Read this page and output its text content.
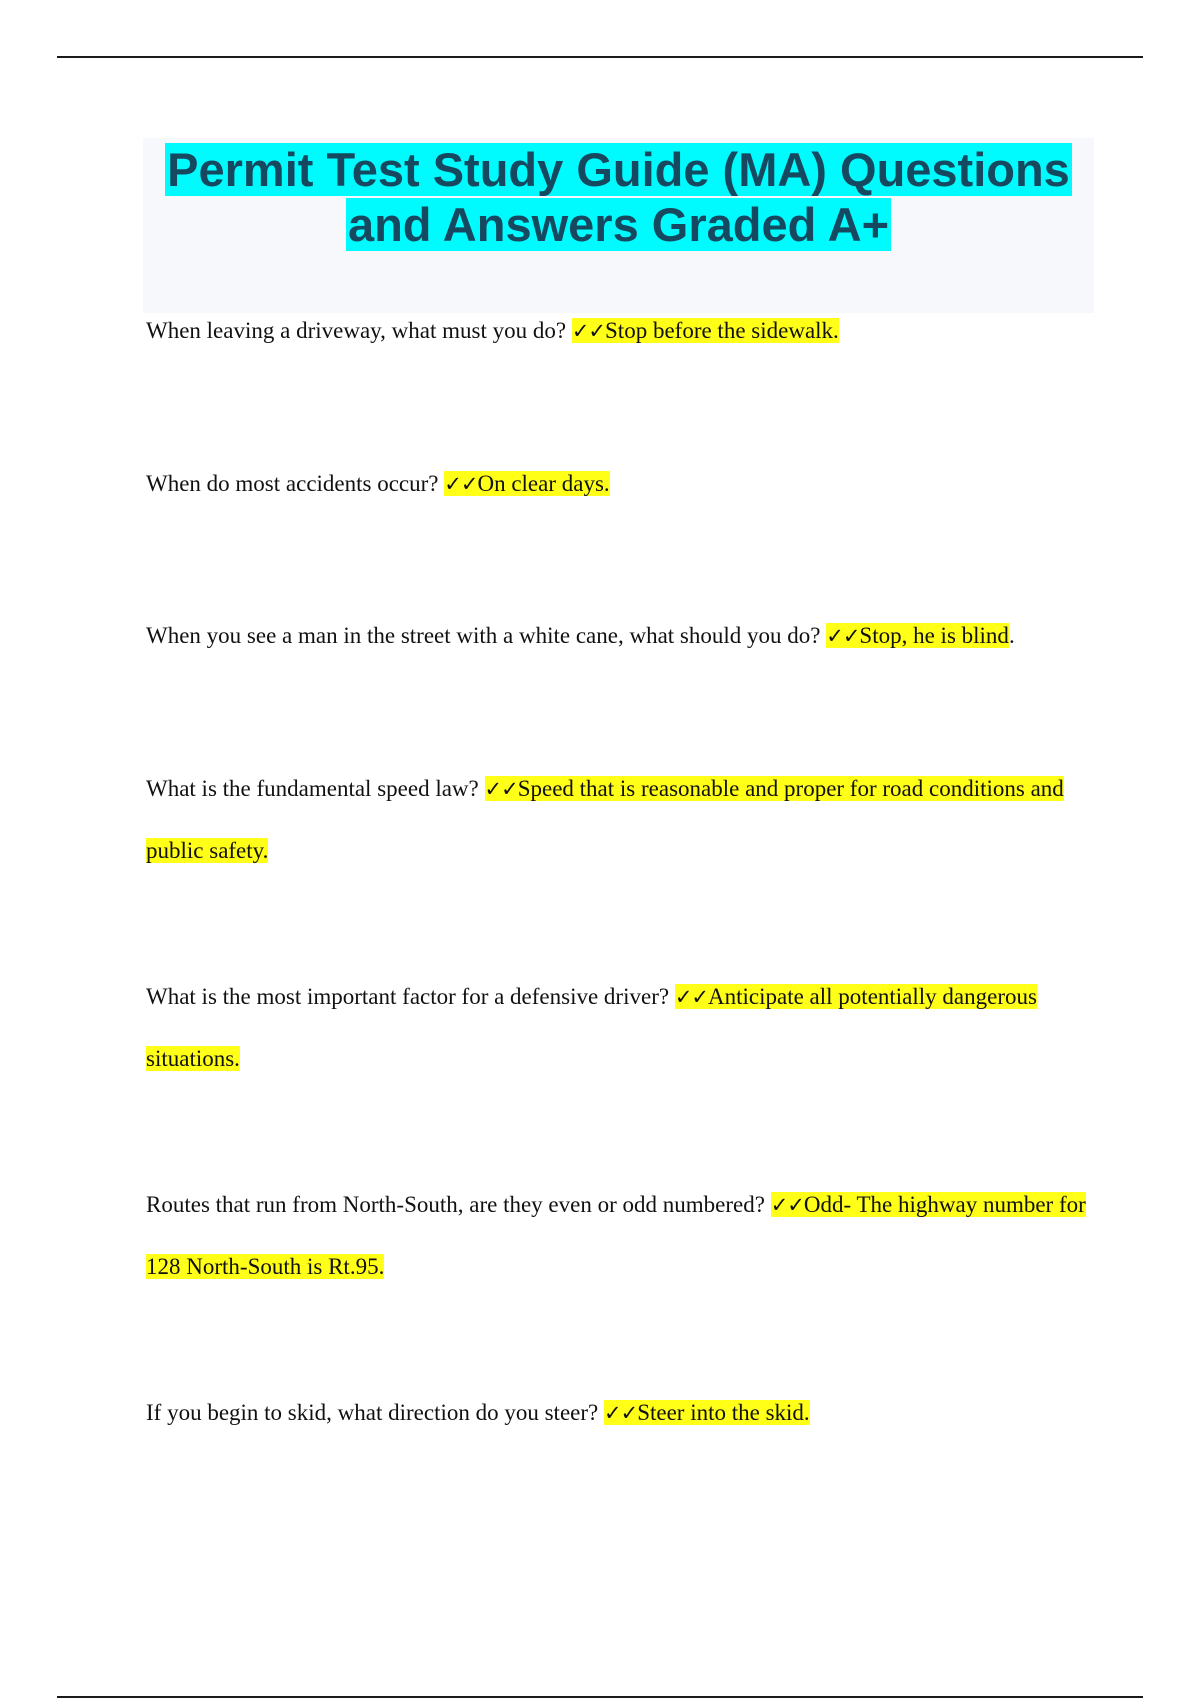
Permit Test Study Guide (MA) Questions
and Answers Graded A+

When leaving a driveway, what must you do? ✓✓Stop before the sidewalk.

When do most accidents occur? ✓✓On clear days.

When you see a man in the street with a white cane, what should you do? ✓✓Stop, he is blind.

What is the fundamental speed law? ✓✓Speed that is reasonable and proper for road conditions and public safety.

What is the most important factor for a defensive driver? ✓✓Anticipate all potentially dangerous situations.

Routes that run from North-South, are they even or odd numbered? ✓✓Odd- The highway number for 128 North-South is Rt.95.

If you begin to skid, what direction do you steer? ✓✓Steer into the skid.
